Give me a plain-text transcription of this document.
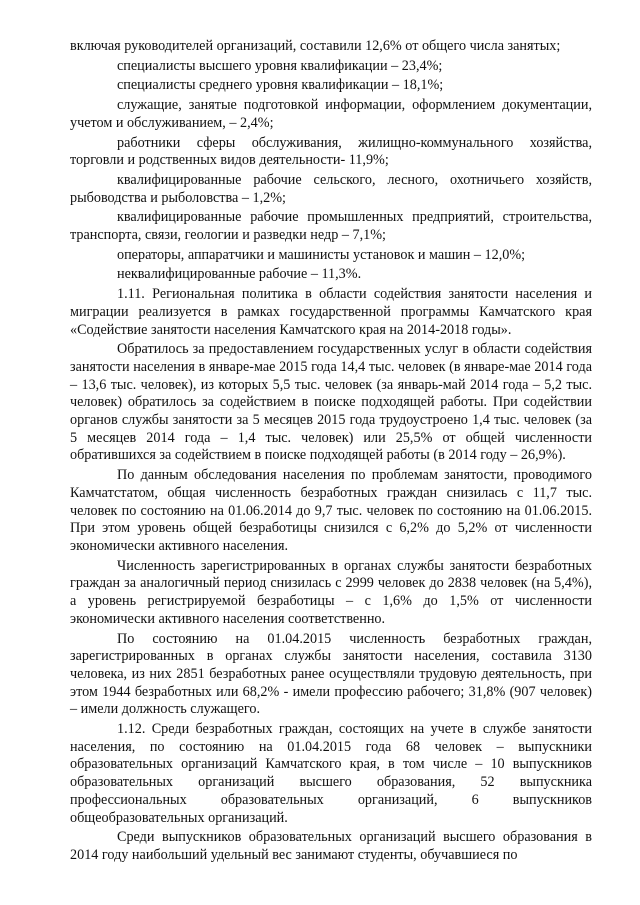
включая руководителей организаций, составили 12,6% от общего числа занятых;

специалисты высшего уровня квалификации – 23,4%;

специалисты среднего уровня квалификации – 18,1%;

служащие, занятые подготовкой информации, оформлением документации, учетом и обслуживанием, – 2,4%;

работники сферы обслуживания, жилищно-коммунального хозяйства, торговли и родственных видов деятельности- 11,9%;

квалифицированные рабочие сельского, лесного, охотничьего хозяйств, рыбоводства и рыболовства – 1,2%;

квалифицированные рабочие промышленных предприятий, строительства, транспорта, связи, геологии и разведки недр – 7,1%;

операторы, аппаратчики и машинисты установок и машин – 12,0%;

неквалифицированные рабочие – 11,3%.

1.11. Региональная политика в области содействия занятости населения и миграции реализуется в рамках государственной программы Камчатского края «Содействие занятости населения Камчатского края на 2014-2018 годы».

Обратилось за предоставлением государственных услуг в области содействия занятости населения в январе-мае 2015 года 14,4 тыс. человек (в январе-мае 2014 года – 13,6 тыс. человек), из которых 5,5 тыс. человек (за январь-май 2014 года – 5,2 тыс. человек) обратилось за содействием в поиске подходящей работы. При содействии органов службы занятости за 5 месяцев 2015 года трудоустроено 1,4 тыс. человек (за 5 месяцев 2014 года – 1,4 тыс. человек) или 25,5% от общей численности обратившихся за содействием в поиске подходящей работы (в 2014 году – 26,9%).

По данным обследования населения по проблемам занятости, проводимого Камчатстатом, общая численность безработных граждан снизилась с 11,7 тыс. человек по состоянию на 01.06.2014 до 9,7 тыс. человек по состоянию на 01.06.2015. При этом уровень общей безработицы снизился с 6,2% до 5,2% от численности экономически активного населения.

Численность зарегистрированных в органах службы занятости безработных граждан за аналогичный период снизилась с 2999 человек до 2838 человек (на 5,4%), а уровень регистрируемой безработицы – с 1,6% до 1,5% от численности экономически активного населения соответственно.

По состоянию на 01.04.2015 численность безработных граждан, зарегистрированных в органах службы занятости населения, составила 3130 человека, из них 2851 безработных ранее осуществляли трудовую деятельность, при этом 1944 безработных или 68,2% - имели профессию рабочего; 31,8% (907 человек) – имели должность служащего.

1.12. Среди безработных граждан, состоящих на учете в службе занятости населения, по состоянию на 01.04.2015 года 68 человек – выпускники образовательных организаций Камчатского края, в том числе – 10 выпускников образовательных организаций высшего образования, 52 выпускника профессиональных образовательных организаций, 6 выпускников общеобразовательных организаций.

Среди выпускников образовательных организаций высшего образования в 2014 году наибольший удельный вес занимают студенты, обучавшиеся по
